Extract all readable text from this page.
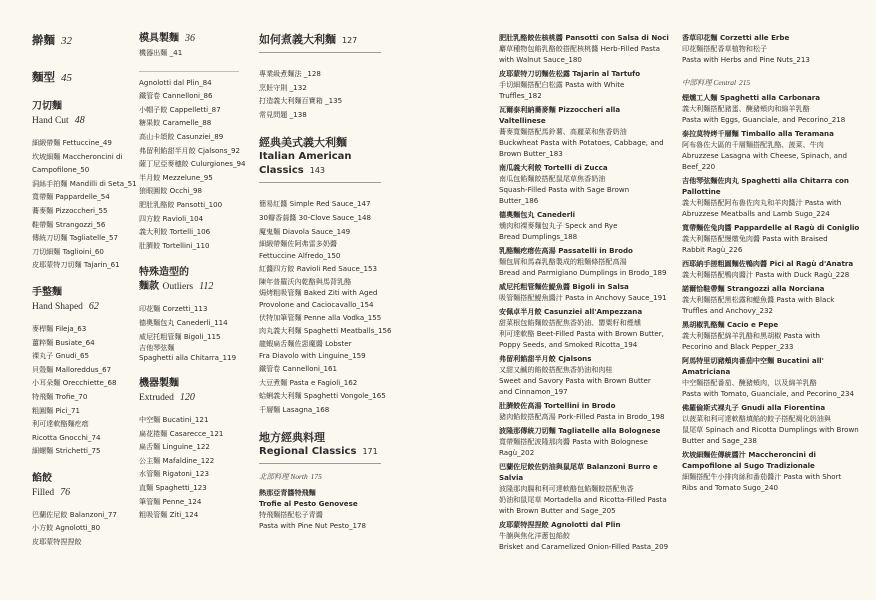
擀麵 32
麵型 45
刀切麵
Hand Cut 48
細緞帶麵 Fettuccine_49
坎坡細麵 Maccheroncini di
Campofilone_50
洞絲手拍麵 Mandilli di Seta_51
寬帶麵 Pappardelle_54
蕎麥麵 Pizzoccheri_55
鞋帶麵 Strangozzi_56
傳統刀切麵 Tagliatelle_57
刀切細麵 Taglioini_60
皮耶蒙特刀切麵 Tajarin_61
手整麵
Hand Shaped 62
麥桿麵 Fileja_63
薑粹麵 Busiate_64
裸丸子 Gnudi_65
貝殼麵 Malloreddus_67
小耳朵麵 Orecchiette_68
特飛麵 Trofie_70
粗圓麵 Pici_71
利可達軟酪麵疙瘩
Ricotta Gnocchi_74
細螺麵 Strichetti_75
餡餃
Filled 76
巴蘭佐尼餃 Balanzoni_77
小方餃 Agnolotti_80
皮耶蒙特捏捏餃
模具製麵 36
機器出麵 _41
Agnolotti dal Plin_84
鐵管卷 Cannelloni_86
小帽子餃 Cappelletti_87
糖果餃 Caramelle_88
高山卡頌餃 Casunziei_89
弗留利餡甜半月餃 Cjalsons_92
薩丁尼亞麥穗餃 Culurgiones_94
半月餃 Mezzelune_95
狼眼圓餃 Occhi_98
肥肚乳酪餃 Pansotti_100
四方餃 Ravioli_104
義大利餃 Tortelli_106
肚臍餃 Tortellini_110
特殊造型的
麵款 Outliers 112
印花麵 Corzetti_113
德奧麵包丸 Canederli_114
威尼托粗管麵 Bigoli_115
吉他琴弦麵
Spaghetti alla Chitarra_119
機器製麵
Extruded 120
中空麵 Bucatini_121
扁花捲麵 Casarecce_121
扁舌麵 Linguine_122
公主麵 Mafaldine_122
水管麵 Rigatoni_123
直麵 Spaghetti_123
筆管麵 Penne_124
粗吸管麵 Ziti_124
如何煮義大利麵 127
專業級煮麵法 _128
烹飪守則 _132
打造義大利麵百寶箱 _135
常見問題 _138
經典美式義大利麵
Italian American
Classics 143
簡易紅醬 Simple Red Sauce_147
30瓣香蒜醬 30-Clove Sauce_148
魔鬼麵 Diavola Sauce_149
細緞帶麵佐阿弗雷多奶醬
Fettuccine Alfredo_150
紅醬四方餃 Ravioli Red Sauce_153
陳年普羅沃內乾酪與馬背乳酪
焗烤粗吸管麵 Baked Ziti with Aged
Provolone and Caciocavallo_154
伏特加筆管麵 Penne alla Vodka_155
肉丸義大利麵 Spaghetti Meatballs_156
龍蝦扁舌麵佐惡魔醬 Lobster
Fra Diavolo with Linguine_159
鐵管卷 Cannelloni_161
大豆煮麵 Pasta e Fagioli_162
蛤蜊義大利麵 Spaghetti Vongole_165
千層麵 Lasagna_168
地方經典料理
Regional Classics 171
北部料理 North 175
熱那亞青醬特飛麵
Trofie al Pesto Genovese
特飛麵搭配松子青醬
Pasta with Pine Nut Pesto_178
肥肚乳酪餃佐核桃醬 Pansotti con Salsa di Noci
麝草種物包餡乳酪餃搭配核桃醬 Herb-Filled Pasta
with Walnut Sauce_180
皮耶蒙特刀切麵佐松露 Tajarin al Tartufo
手切細麵搭配白松露 Pasta with White Truffles_182
瓦爾泰利納蕎麥麵 Pizzoccheri alla Valtellinese
蕎麥寬麵搭配馬鈴薯、高麗菜和焦香奶油
Buckwheat Pasta with Potatoes, Cabbage, and
Brown Butter_183
南瓜義大利餃 Tortelli di Zucca
南瓜包餡麵餃搭配鼠尾草焦香奶油
Squash-Filled Pasta with Sage Brown Butter_186
德奧麵包丸 Canederli
燻肉和裸麥麵包丸子 Speck and Rye
Bread Dumplings_188
乳酪麵疙瘩佐高湯 Passatelli in Brodo
麵包屑和馬森乳酪製成的粗麵條搭配高湯
Bread and Parmigiano Dumplings in Brodo_189
威尼托粗管麵佐鯷魚醬 Bigoli in Salsa
吸管麵搭配鯷魚醬汁 Pasta in Anchovy Sauce_191
安佩卓半月餃 Casunziei all'Ampezzana
甜菜根包餡麵餃搭配焦香奶油、罌粟籽和煙燻
利可達軟酪 Beet-Filled Pasta with Brown Butter,
Poppy Seeds, and Smoked Ricotta_194
弗留利餡甜半月餃 Cjalsons
又甜又鹹的餡餃搭配焦香奶油和肉桂
Sweet and Savory Pasta with Brown Butter
and Cinnamon_197
肚臍餃佐高湯 Tortellini in Brodo
豬肉餡餃搭配高湯 Pork-Filled Pasta in Brodo_198
波隆那傳統刀切麵 Tagliatelle alla Bolognese
寬帶麵搭配波隆那肉醬 Pasta with Bolognese
Ragù_202
巴蘭佐尼餃佐奶油與鼠尾草 Balanzoni Burro e Salvia
波隆那肉腸和利可達軟酪包餡麵餃搭配焦香
奶油和鼠尾草 Mortadella and Ricotta-Filled Pasta
with Brown Butter and Sage_205
皮耶蒙特捏捏餃 Agnolotti dal Plin
牛腩與焦化洋蔥包餡餃
Brisket and Caramelized Onion-Filled Pasta_209
香草印花麵 Corzetti alle Erbe
印花麵搭配香草植物和松子
Pasta with Herbs and Pine Nuts_213
中部料理 Central 215
煙燻工人麵 Spaghetti alla Carbonara
義大利麵搭配豬蛋、醃豬頰肉和綿羊乳酪
Pasta with Eggs, Guanciale, and Pecorino_218
泰拉莫特烤千層麵 Timballo alla Teramana
阿布魯佐大區的千層麵搭配乳酪、菠菜、牛肉
Abruzzese Lasagna with Cheese, Spinach, and Beef_220
吉他琴弦麵佐肉丸 Spaghetti alla Chitarra con Pallottine
義大利麵搭配阿布魯佐肉丸和羊肉醬汁 Pasta with
Abruzzese Meatballs and Lamb Sugo_224
寬帶麵佐兔肉醬 Pappardelle al Ragù di Coniglio
義大利麵搭配慢燉兔肉醬 Pasta with Braised
Rabbit Ragù_226
西耶納手搓粗圓麵佐鴨肉醬 Pici al Ragù d'Anatra
義大利麵搭配鴨肉醬汁 Pasta with Duck Ragù_228
諾爾恰鞋帶麵 Strangozzi alla Norciana
義大利麵搭配黑松露和鯷魚醬 Pasta with Black
Truffles and Anchovy_232
黑胡椒乳酪麵 Cacio e Pepe
義大利麵搭配綿羊乳酪和黑胡椒 Pasta with
Pecorino and Black Pepper_233
阿馬特里切豬頰肉番茄中空麵 Bucatini all' Amatriciana
中空麵搭配番茄、醃豬頰肉，以及綿羊乳酪
Pasta with Tomato, Guanciale, and Pecorino_234
佛羅倫斯式裸丸子 Gnudi alla Fiorentina
以菠菜和利可達軟酪填餡的餃子搭配褐化奶油與
鼠尾草 Spinach and Ricotta Dumplings with Brown
Butter and Sage_238
坎坡細麵佐傳統醬汁 Maccheroncini di Campofilone al Sugo Tradizionale
細麵搭配牛小排肉絲和番茄醬汁 Pasta with Short
Ribs and Tomato Sugo_240
